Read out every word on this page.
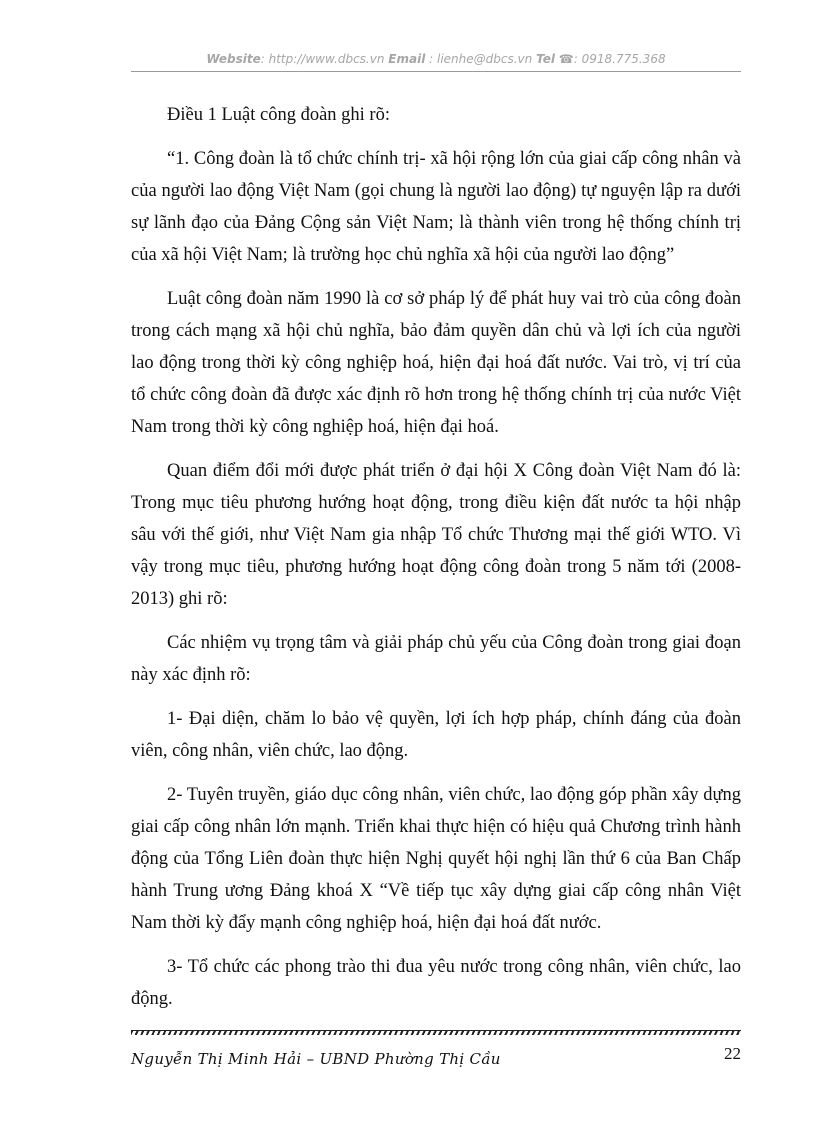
Website: http://www.dbcs.vn Email : lienhe@dbcs.vn Tel ☎: 0918.775.368

Điều 1 Luật công đoàn ghi rõ:

“1. Công đoàn là tổ chức chính trị- xã hội rộng lớn của giai cấp công nhân và của người lao động Việt Nam (gọi chung là người lao động) tự nguyện lập ra dưới sự lãnh đạo của Đảng Cộng sản Việt Nam; là thành viên trong hệ thống chính trị của xã hội Việt Nam; là trường học chủ nghĩa xã hội của người lao động”

Luật công đoàn năm 1990 là cơ sở pháp lý để phát huy vai trò của công đoàn trong cách mạng xã hội chủ nghĩa, bảo đảm quyền dân chủ và lợi ích của người lao động trong thời kỳ công nghiệp hoá, hiện đại hoá đất nước. Vai trò, vị trí của tổ chức công đoàn đã được xác định rõ hơn trong hệ thống chính trị của nước Việt Nam trong thời kỳ công nghiệp hoá, hiện đại hoá.

Quan điểm đổi mới được phát triển ở đại hội X Công đoàn Việt Nam đó là: Trong mục tiêu phương hướng hoạt động, trong điều kiện đất nước ta hội nhập sâu với thế giới, như Việt Nam gia nhập Tổ chức Thương mại thế giới WTO. Vì vậy trong mục tiêu, phương hướng hoạt động công đoàn trong 5 năm tới (2008-2013) ghi rõ:

Các nhiệm vụ trọng tâm và giải pháp chủ yếu của Công đoàn trong giai đoạn này xác định rõ:

1- Đại diện, chăm lo bảo vệ quyền, lợi ích hợp pháp, chính đáng của đoàn viên, công nhân, viên chức, lao động.

2- Tuyên truyền, giáo dục công nhân, viên chức, lao động góp phần xây dựng giai cấp công nhân lớn mạnh. Triển khai thực hiện có hiệu quả Chương trình hành động của Tổng Liên đoàn thực hiện Nghị quyết hội nghị lần thứ 6 của Ban Chấp hành Trung ương Đảng khoá X “Về tiếp tục xây dựng giai cấp công nhân Việt Nam thời kỳ đẩy mạnh công nghiệp hoá, hiện đại hoá đất nước.

3- Tổ chức các phong trào thi đua yêu nước trong công nhân, viên chức, lao động.

Nguyễn Thị Minh Hải – UBND Phường Thị Cầu	22
